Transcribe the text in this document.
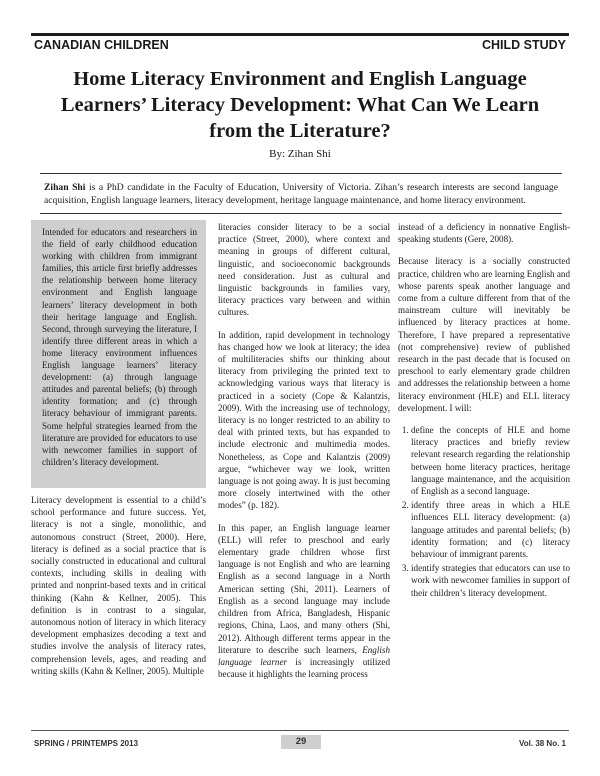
CANADIAN CHILDREN	CHILD STUDY
Home Literacy Environment and English Language Learners’ Literacy Development: What Can We Learn from the Literature?
By: Zihan Shi
Zihan Shi is a PhD candidate in the Faculty of Education, University of Victoria. Zihan’s research interests are second language acquisition, English language learners, literacy development, heritage language maintenance, and home literacy environment.
Intended for educators and researchers in the field of early childhood education working with children from immigrant families, this article first briefly addresses the relationship between home literacy environment and English language learners’ literacy development in both their heritage language and English. Second, through surveying the literature, I identify three different areas in which a home literacy environment influences English language learners’ literacy development: (a) through language attitudes and parental beliefs; (b) through identity formation; and (c) through literacy behaviour of immigrant parents. Some helpful strategies learned from the literature are provided for educators to use with newcomer families in support of children’s literacy development.

Literacy development is essential to a child’s school performance and future success. Yet, literacy is not a single, monolithic, and autonomous construct (Street, 2000). Here, literacy is defined as a social practice that is socially constructed in educational and cultural contexts, including skills in dealing with printed and nonprint-based texts and in critical thinking (Kahn & Kellner, 2005). This definition is in contrast to a singular, autonomous notion of literacy in which literacy development emphasizes decoding a text and studies involve the analysis of literacy rates, comprehension levels, ages, and reading and writing skills (Kahn & Kellner, 2005). Multiple

literacies consider literacy to be a social practice (Street, 2000), where context and meaning in groups of different cultural, linguistic, and socioeconomic backgrounds need consideration. Just as cultural and linguistic backgrounds in families vary, literacy practices vary between and within cultures.

In addition, rapid development in technology has changed how we look at literacy; the idea of multiliteracies shifts our thinking about literacy from privileging the printed text to acknowledging various ways that literacy is practiced in a society (Cope & Kalantzis, 2009). With the increasing use of technology, literacy is no longer restricted to an ability to deal with printed texts, but has expanded to include electronic and multimedia modes. Nonetheless, as Cope and Kalantzis (2009) argue, “whichever way we look, written language is not going away. It is just becoming more closely intertwined with the other modes” (p. 182).

In this paper, an English language learner (ELL) will refer to preschool and early elementary grade children whose first language is not English and who are learning English as a second language in a North American setting (Shi, 2011). Learners of English as a second language may include children from Africa, Bangladesh, Hispanic regions, China, Laos, and many others (Shi, 2012). Although different terms appear in the literature to describe such learners, English language learner is increasingly utilized because it highlights the learning process

instead of a deficiency in nonnative English-speaking students (Gere, 2008).

Because literacy is a socially constructed practice, children who are learning English and whose parents speak another language and come from a culture different from that of the mainstream culture will inevitably be influenced by literacy practices at home. Therefore, I have prepared a representative (not comprehensive) review of published research in the past decade that is focused on preschool to early elementary grade children and addresses the relationship between a home literacy environment (HLE) and ELL literacy development. I will:

1. define the concepts of HLE and home literacy practices and briefly review relevant research regarding the relationship between home literacy practices, heritage language maintenance, and the acquisition of English as a second language.
2. identify three areas in which a HLE influences ELL literacy development: (a) language attitudes and parental beliefs; (b) identity formation; and (c) literacy behaviour of immigrant parents.
3. identify strategies that educators can use to work with newcomer families in support of their children’s literacy development.
SPRING / PRINTEMPS 2013	29	Vol. 38 No. 1
